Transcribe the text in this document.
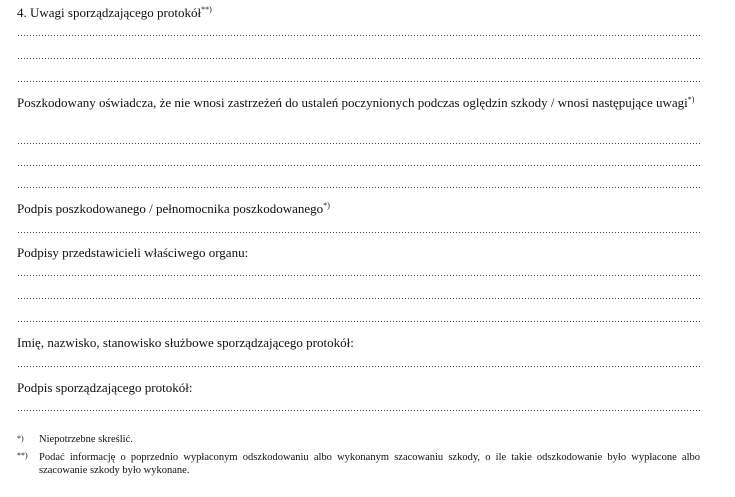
4. Uwagi sporządzającego protokół**)
Poszkodowany oświadcza, że nie wnosi zastrzeżeń do ustaleń poczynionych podczas oględzin szkody / wnosi następujące uwagi*)
Podpis poszkodowanego / pełnomocnika poszkodowanego*)
Podpisy przedstawicieli właściwego organu:
Imię, nazwisko, stanowisko służbowe sporządzającego protokół:
Podpis sporządzającego protokół:
*) Niepotrzebne skreślić.
**) Podać informację o poprzednio wypłaconym odszkodowaniu albo wykonanym szacowaniu szkody, o ile takie odszkodowanie było wypłacone albo szacowanie szkody było wykonane.
